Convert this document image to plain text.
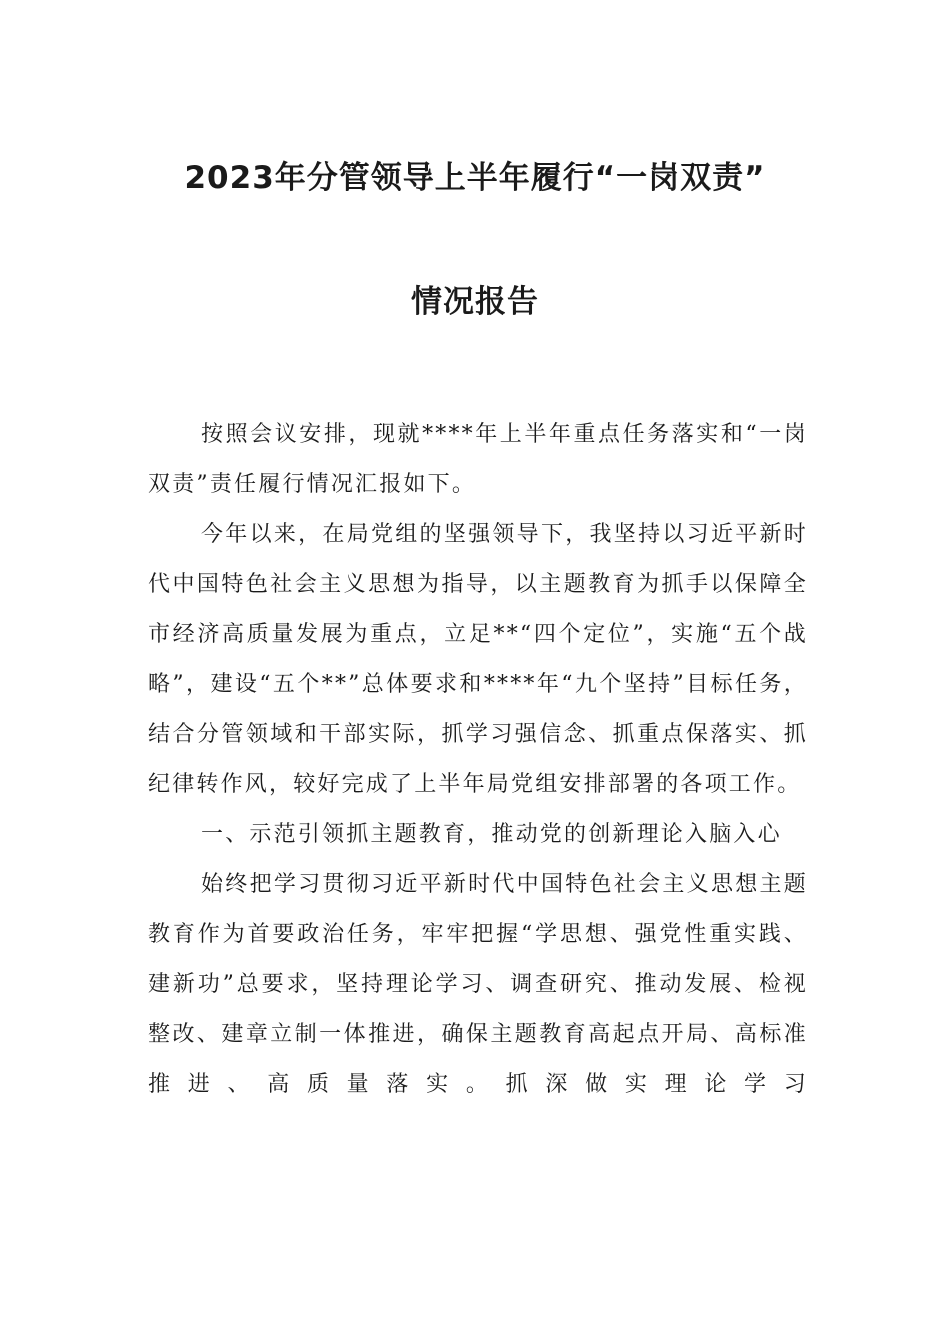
2023年分管领导上半年履行“一岗双责”
情况报告

按照会议安排，现就****年上半年重点任务落实和“一岗双责”责任履行情况汇报如下。

今年以来，在局党组的坚强领导下，我坚持以习近平新时代中国特色社会主义思想为指导，以主题教育为抓手以保障全市经济高质量发展为重点，立足**“四个定位”，实施“五个战略”，建设“五个**”总体要求和****年“九个坚持”目标任务，结合分管领域和干部实际，抓学习强信念、抓重点保落实、抓纪律转作风，较好完成了上半年局党组安排部署的各项工作。

一、示范引领抓主题教育，推动党的创新理论入脑入心

始终把学习贯彻习近平新时代中国特色社会主义思想主题教育作为首要政治任务，牢牢把握“学思想、强党性重实践、建新功”总要求，坚持理论学习、调查研究、推动发展、检视整改、建章立制一体推进，确保主题教育高起点开局、高标准推进、高质量落实。抓深做实理论学习
